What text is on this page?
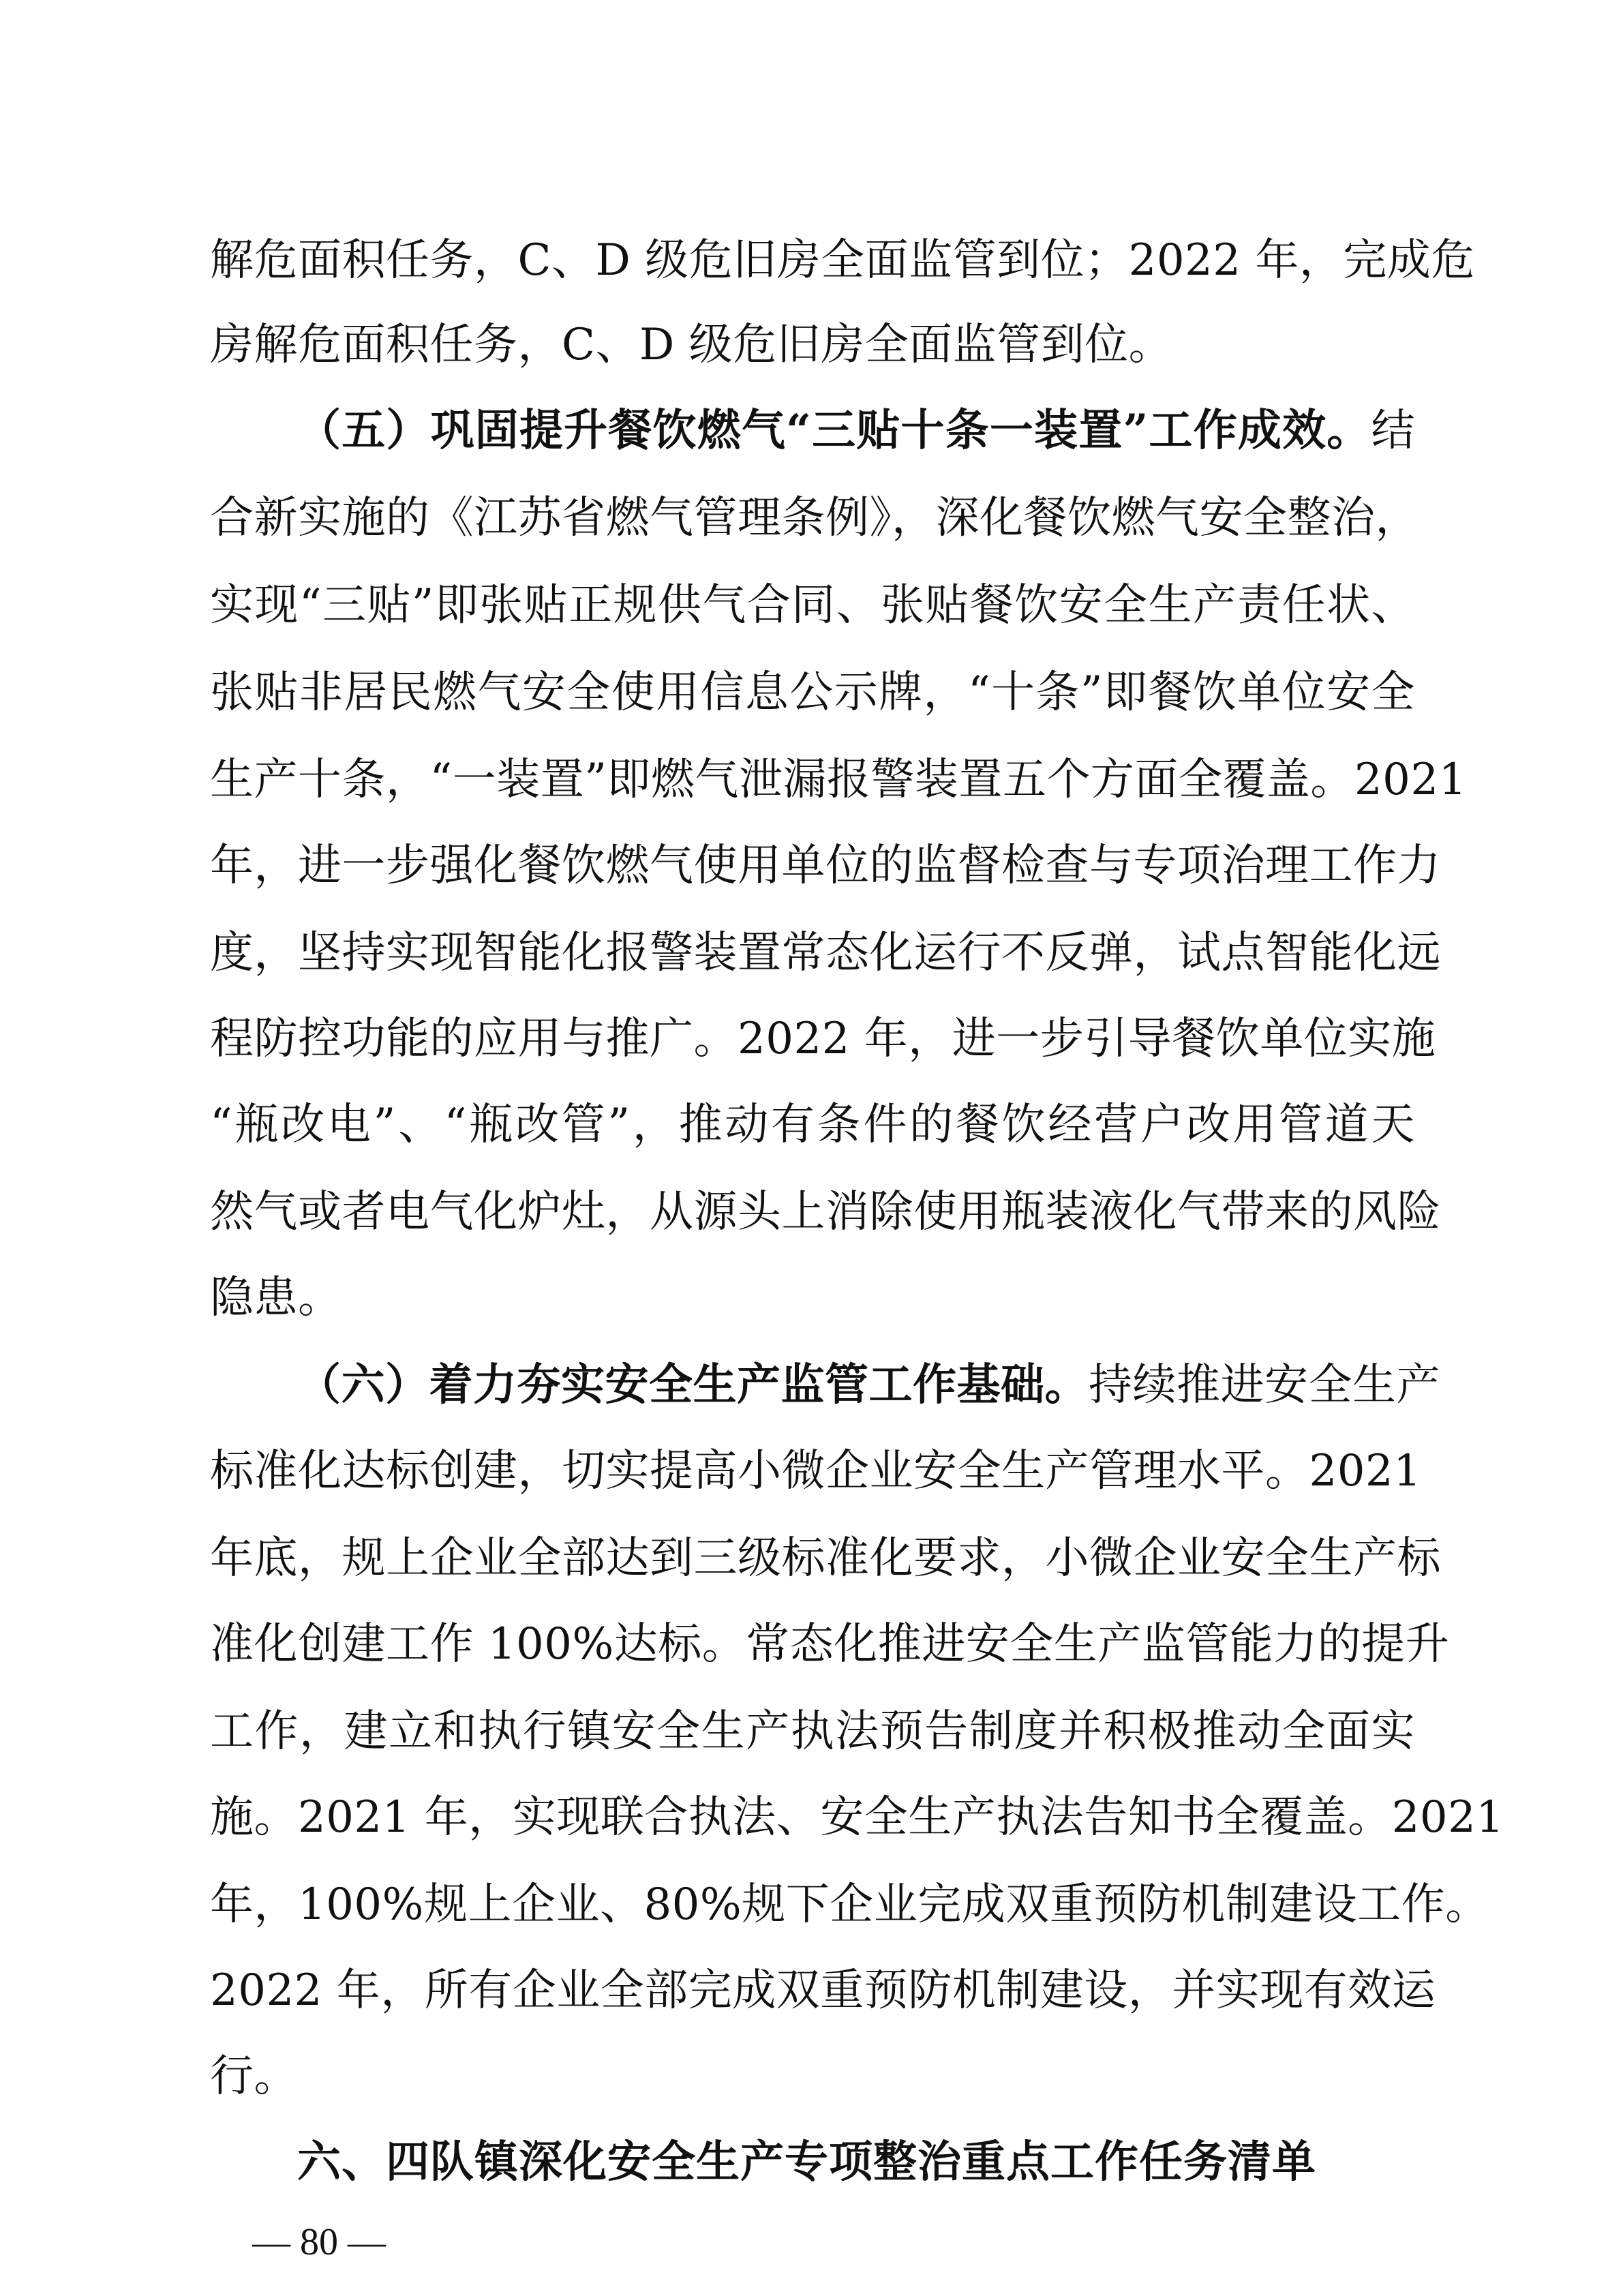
解危面积任务，C、D 级危旧房全面监管到位；2022 年，完成危
房解危面积任务，C、D 级危旧房全面监管到位。
（五）巩固提升餐饮燃气“三贴十条一装置”工作成效。结
合新实施的《江苏省燃气管理条例》，深化餐饮燃气安全整治，
实现“三贴”即张贴正规供气合同、张贴餐饮安全生产责任状、
张贴非居民燃气安全使用信息公示牌，“十条”即餐饮单位安全
生产十条，“一装置”即燃气泄漏报警装置五个方面全覆盖。2021
年，进一步强化餐饮燃气使用单位的监督检查与专项治理工作力
度，坚持实现智能化报警装置常态化运行不反弹，试点智能化远
程防控功能的应用与推广。2022 年，进一步引导餐饮单位实施
“瓶改电”、“瓶改管”，推动有条件的餐饮经营户改用管道天
然气或者电气化炉灶，从源头上消除使用瓶装液化气带来的风险
隐患。
（六）着力夯实安全生产监管工作基础。持续推进安全生产
标准化达标创建，切实提高小微企业安全生产管理水平。2021
年底，规上企业全部达到三级标准化要求，小微企业安全生产标
准化创建工作 100%达标。常态化推进安全生产监管能力的提升
工作，建立和执行镇安全生产执法预告制度并积极推动全面实
施。2021 年，实现联合执法、安全生产执法告知书全覆盖。2021
年，100%规上企业、80%规下企业完成双重预防机制建设工作。
2022 年，所有企业全部完成双重预防机制建设，并实现有效运
行。
六、四队镇深化安全生产专项整治重点工作任务清单
— 80 —
